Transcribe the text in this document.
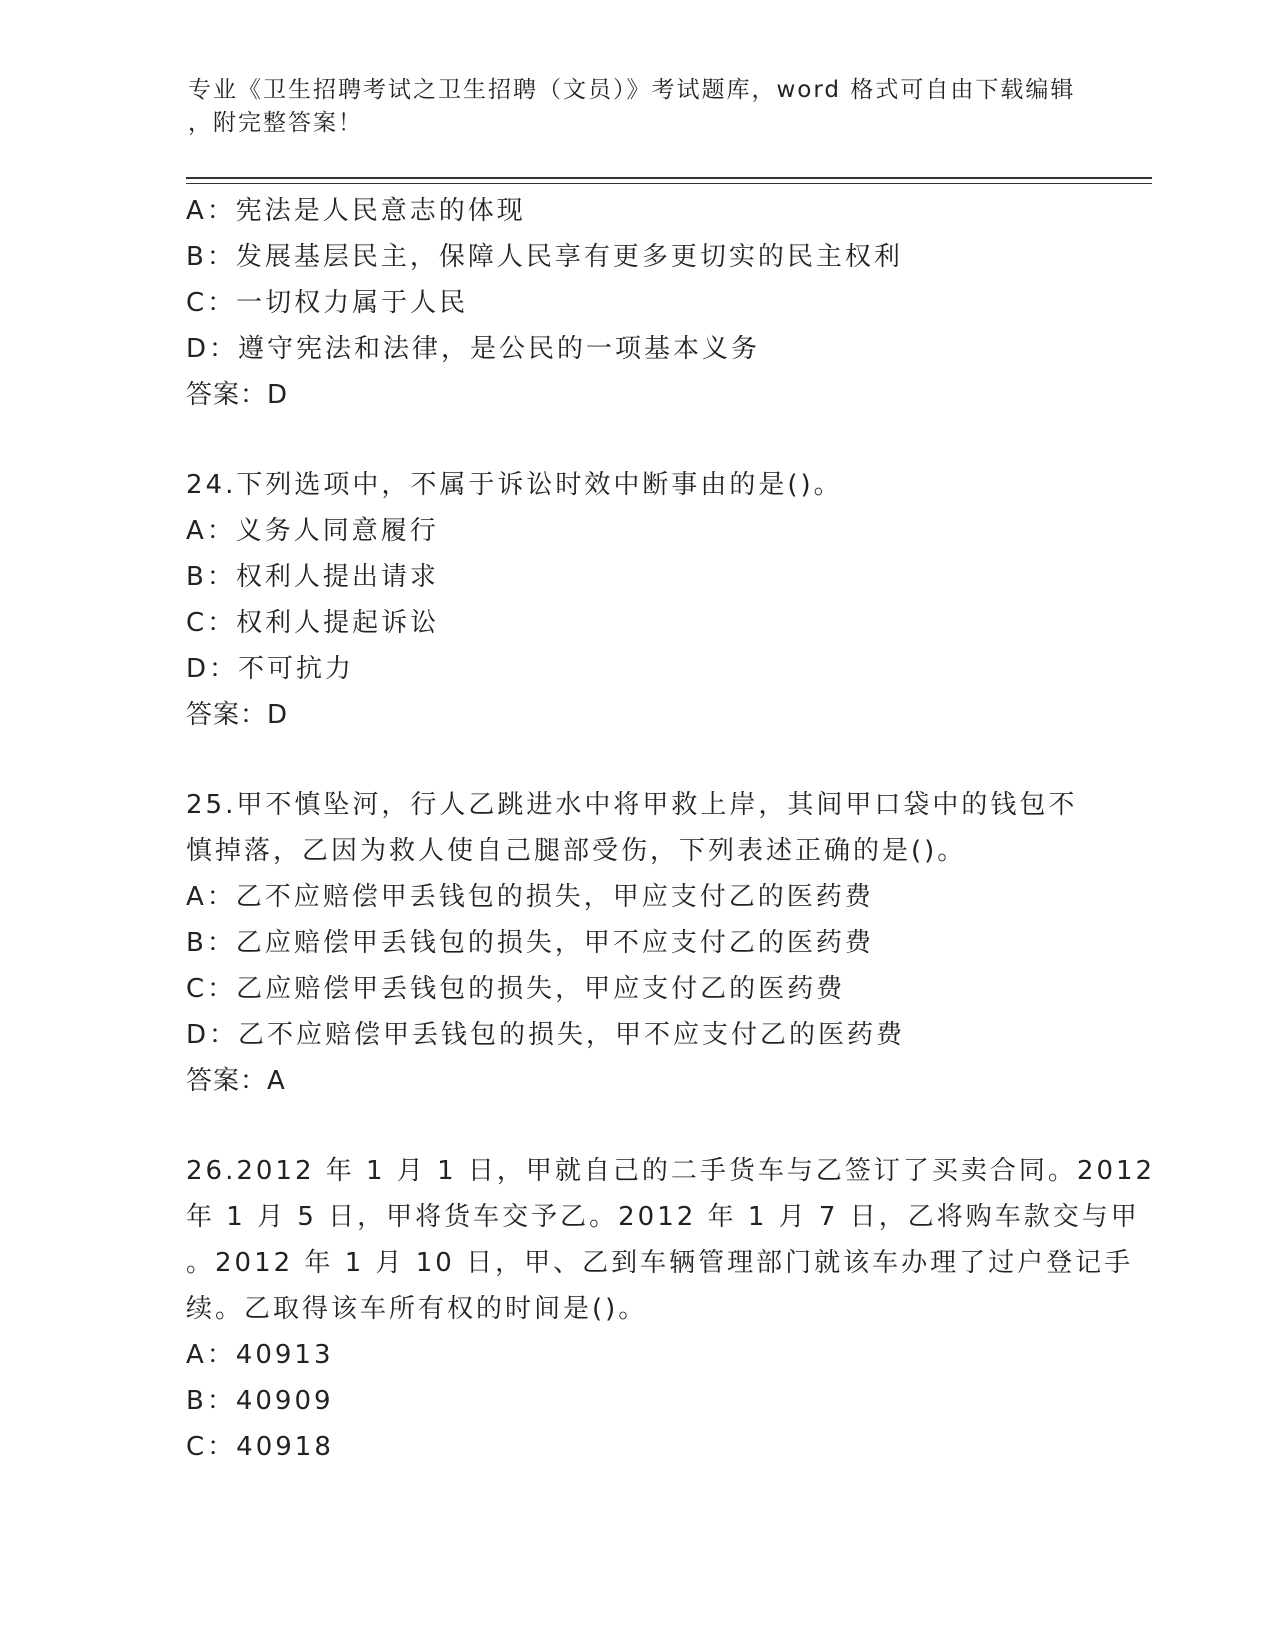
专业《卫生招聘考试之卫生招聘（文员）》考试题库，word 格式可自由下载编辑
，附完整答案！
A：宪法是人民意志的体现
B：发展基层民主，保障人民享有更多更切实的民主权利
C：一切权力属于人民
D：遵守宪法和法律，是公民的一项基本义务
答案：D
24.下列选项中，不属于诉讼时效中断事由的是()。
A：义务人同意履行
B：权利人提出请求
C：权利人提起诉讼
D：不可抗力
答案：D
25.甲不慎坠河，行人乙跳进水中将甲救上岸，其间甲口袋中的钱包不
慎掉落，乙因为救人使自己腿部受伤，下列表述正确的是()。
A：乙不应赔偿甲丢钱包的损失，甲应支付乙的医药费
B：乙应赔偿甲丢钱包的损失，甲不应支付乙的医药费
C：乙应赔偿甲丢钱包的损失，甲应支付乙的医药费
D：乙不应赔偿甲丢钱包的损失，甲不应支付乙的医药费
答案：A
26.2012 年 1 月 1 日，甲就自己的二手货车与乙签订了买卖合同。2012
年 1 月 5 日，甲将货车交予乙。2012 年 1 月 7 日，乙将购车款交与甲
。2012 年 1 月 10 日，甲、乙到车辆管理部门就该车办理了过户登记手
续。乙取得该车所有权的时间是()。
A：40913
B：40909
C：40918
